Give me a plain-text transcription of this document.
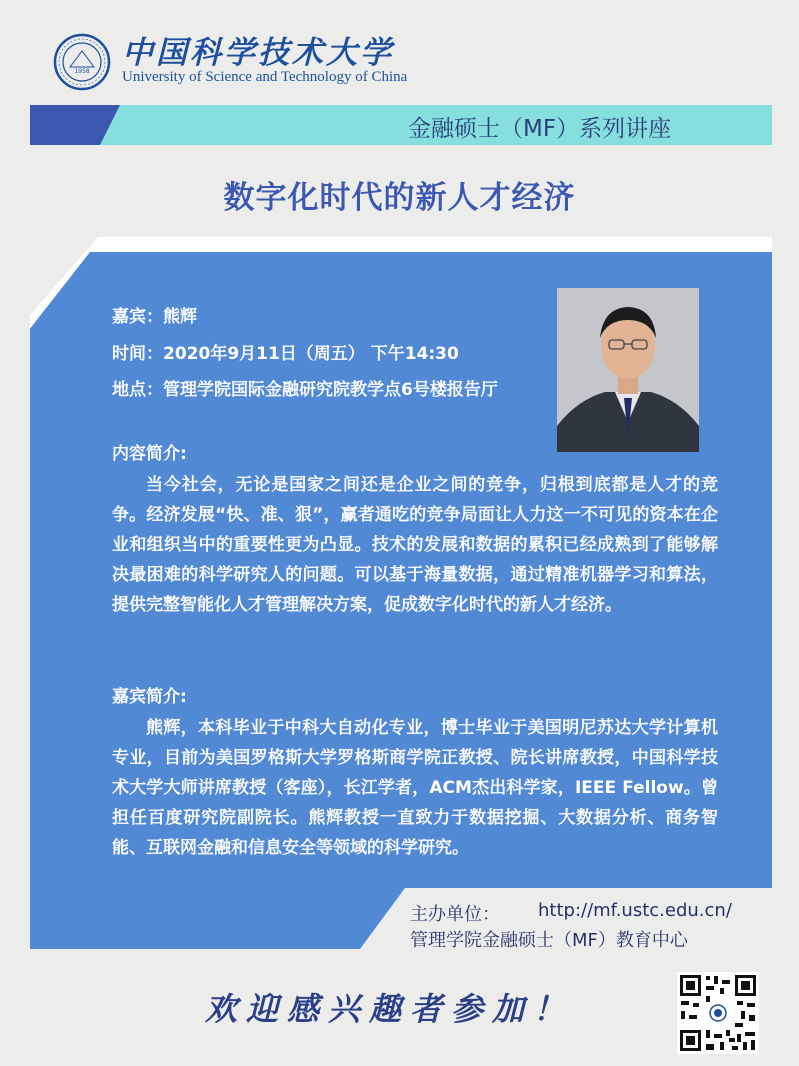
1958
中国科学技术大学
University of Science and Technology of China
金融硕士（MF）系列讲座
数字化时代的新人才经济
嘉宾：熊辉
时间：2020年9月11日（周五） 下午14:30
地点：管理学院国际金融研究院教学点6号楼报告厅
内容简介:
当今社会，无论是国家之间还是企业之间的竞争，归根到底都是人才的竞争。经济发展“快、准、狠”，赢者通吃的竞争局面让人力这一不可见的资本在企业和组织当中的重要性更为凸显。技术的发展和数据的累积已经成熟到了能够解决最困难的科学研究人的问题。可以基于海量数据，通过精准机器学习和算法，提供完整智能化人才管理解决方案，促成数字化时代的新人才经济。
嘉宾简介:
熊辉，本科毕业于中科大自动化专业，博士毕业于美国明尼苏达大学计算机专业，目前为美国罗格斯大学罗格斯商学院正教授、院长讲席教授，中国科学技术大学大师讲席教授（客座），长江学者，ACM杰出科学家，IEEE Fellow。曾担任百度研究院副院长。熊辉教授一直致力于数据挖掘、大数据分析、商务智能、互联网金融和信息安全等领域的科学研究。
主办单位： http://mf.ustc.edu.cn/
管理学院金融硕士（MF）教育中心
欢迎感兴趣者参加！
